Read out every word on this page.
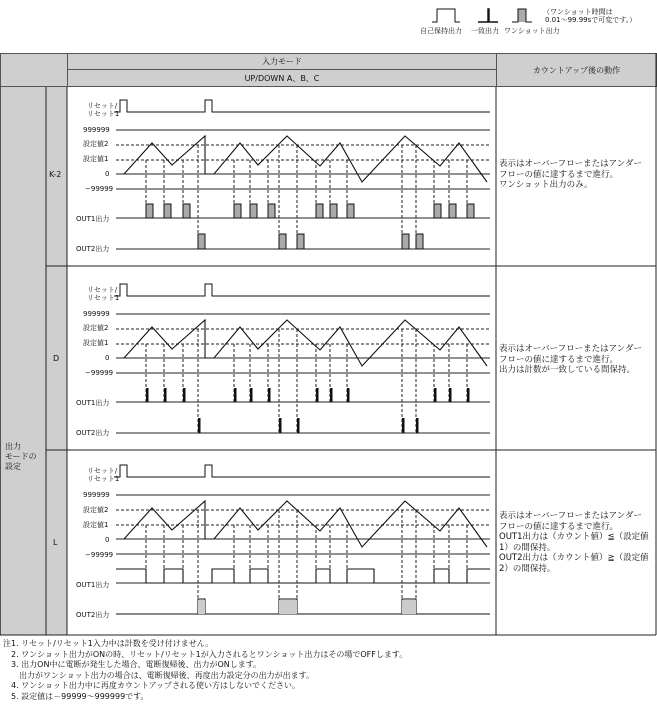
自己保持出力 一致出力 ワンショット出力
（ワンショット時間は
0.01～99.99sで可変です。）
入力モード
UP/DOWN A、B、C
カウントアップ後の動作
出力
モードの
設定
K-2
D
L
表示はオーバーフローまたはアンダー
フローの値に達するまで進行。
ワンショット出力のみ。
表示はオーバーフローまたはアンダー
フローの値に達するまで進行。
出力は計数が一致している間保持。
表示はオーバーフローまたはアンダー
フローの値に達するまで進行。
OUT1出力は（カウント値）≦（設定値
1）の間保持。
OUT2出力は（カウント値）≧（設定値
2）の間保持。
リセット/
リセット1
999999
設定値2
設定値1
0
−99999
OUT1出力
OUT2出力
リセット/
リセット1
999999
設定値2
設定値1
0
−99999
OUT1出力
OUT2出力
リセット/
リセット1
999999
設定値2
設定値1
0
−99999
OUT1出力
OUT2出力
注1. リセット/リセット1入力中は計数を受け付けません。
　2. ワンショット出力がONの時、リセット/リセット1が入力されるとワンショット出力はその場でOFFします。
　3. 出力ON中に電断が発生した場合、電断復帰後、出力がONします。
　　出力がワンショット出力の場合は、電断復帰後、再度出力設定分の出力が出ます。
　4. ワンショット出力中に再度カウントアップされる使い方はしないでください。
　5. 設定値は－99999～999999です。
